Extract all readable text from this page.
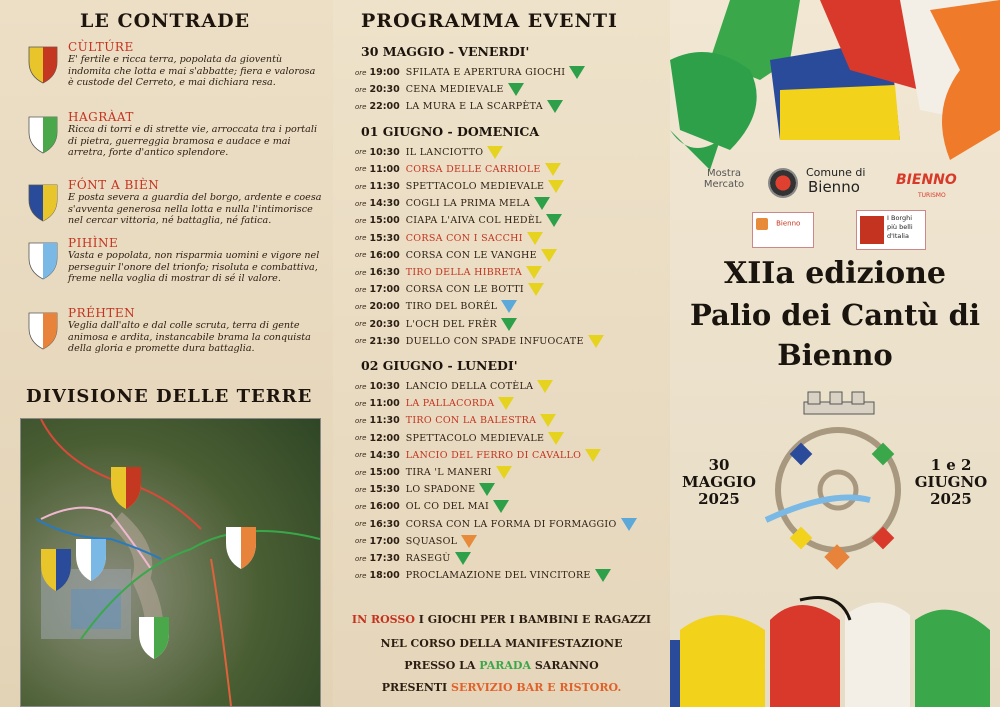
LE CONTRADE
CÙLTÚRE
E' fertile e ricca terra, popolata da gioventù indomita che lotta e mai s'abbatte; fiera e valorosa è custode del Cerreto, e mai dichiara resa.
HAGRÀAT
Ricca di torri e di strette vie, arroccata tra i portali di pietra, guerreggia bramosa e audace e mai arretra, forte d'antico splendore.
FÓNT A BIÈN
E posta severa a guardia del borgo, ardente e coesa s'avventa generosa nella lotta e nulla l'intimorisce nel cercar vittoria, né battaglia, né fatica.
PIHÌNE
Vasta e popolata, non risparmia uomini e vigore nel perseguir l'onore del trionfo; risoluta e combattiva, freme nella voglia di mostrar di sé il valore.
PRÉHTEN
Veglia dall'alto e dal colle scruta, terra di gente animosa e ardita, instancabile brama la conquista della gloria e promette dura battaglia.
DIVISIONE DELLE TERRE
PROGRAMMA EVENTI
30 MAGGIO - VENERDI'
ore 19:00 SFILATA E APERTURA GIOCHI
ore 20:30 CENA MEDIEVALE
ore 22:00 LA MURA E LA SCARPÈTA
01 GIUGNO - DOMENICA
ore 10:30 IL LANCIOTTO
ore 11:00 CORSA DELLE CARRIOLE
ore 11:30 SPETTACOLO MEDIEVALE
ore 14:30 COGLI LA PRIMA MELA
ore 15:00 CIAPA L'AIVA COL HEDÈL
ore 15:30 CORSA CON I SACCHI
ore 16:00 CORSA CON LE VANGHE
ore 16:30 TIRO DELLA HIBRETA
ore 17:00 CORSA CON LE BOTTI
ore 20:00 TIRO DEL BORÉL
ore 20:30 L'OCH DEL FRÈR
ore 21:30 DUELLO CON SPADE INFUOCATE
02 GIUGNO - LUNEDI'
ore 10:30 LANCIO DELLA COTÈLA
ore 11:00 LA PALLACORDA
ore 11:30 TIRO CON LA BALESTRA
ore 12:00 SPETTACOLO MEDIEVALE
ore 14:30 LANCIO DEL FERRO DI CAVALLO
ore 15:00 TIRA 'L MANERI
ore 15:30 LO SPADONE
ore 16:00 OL CO DEL MAI
ore 16:30 CORSA CON LA FORMA DI FORMAGGIO
ore 17:00 SQUASOL
ore 17:30 RASEGÙ
ore 18:00 PROCLAMAZIONE DEL VINCITORE
IN ROSSO I GIOCHI PER I BAMBINI E RAGAZZI
NEL CORSO DELLA MANIFESTAZIONE
PRESSO LA PARADA SARANNO
PRESENTI SERVIZIO BAR E RISTORO.
Mostra
Mercato
Comune di
Bienno	BIENNO
TURISMO
Bienno
I Borghi
più belli
d'Italia
XIIa edizione
Palio dei Cantù di
Bienno
30
MAGGIO
2025
1 e 2
GIUGNO
2025
